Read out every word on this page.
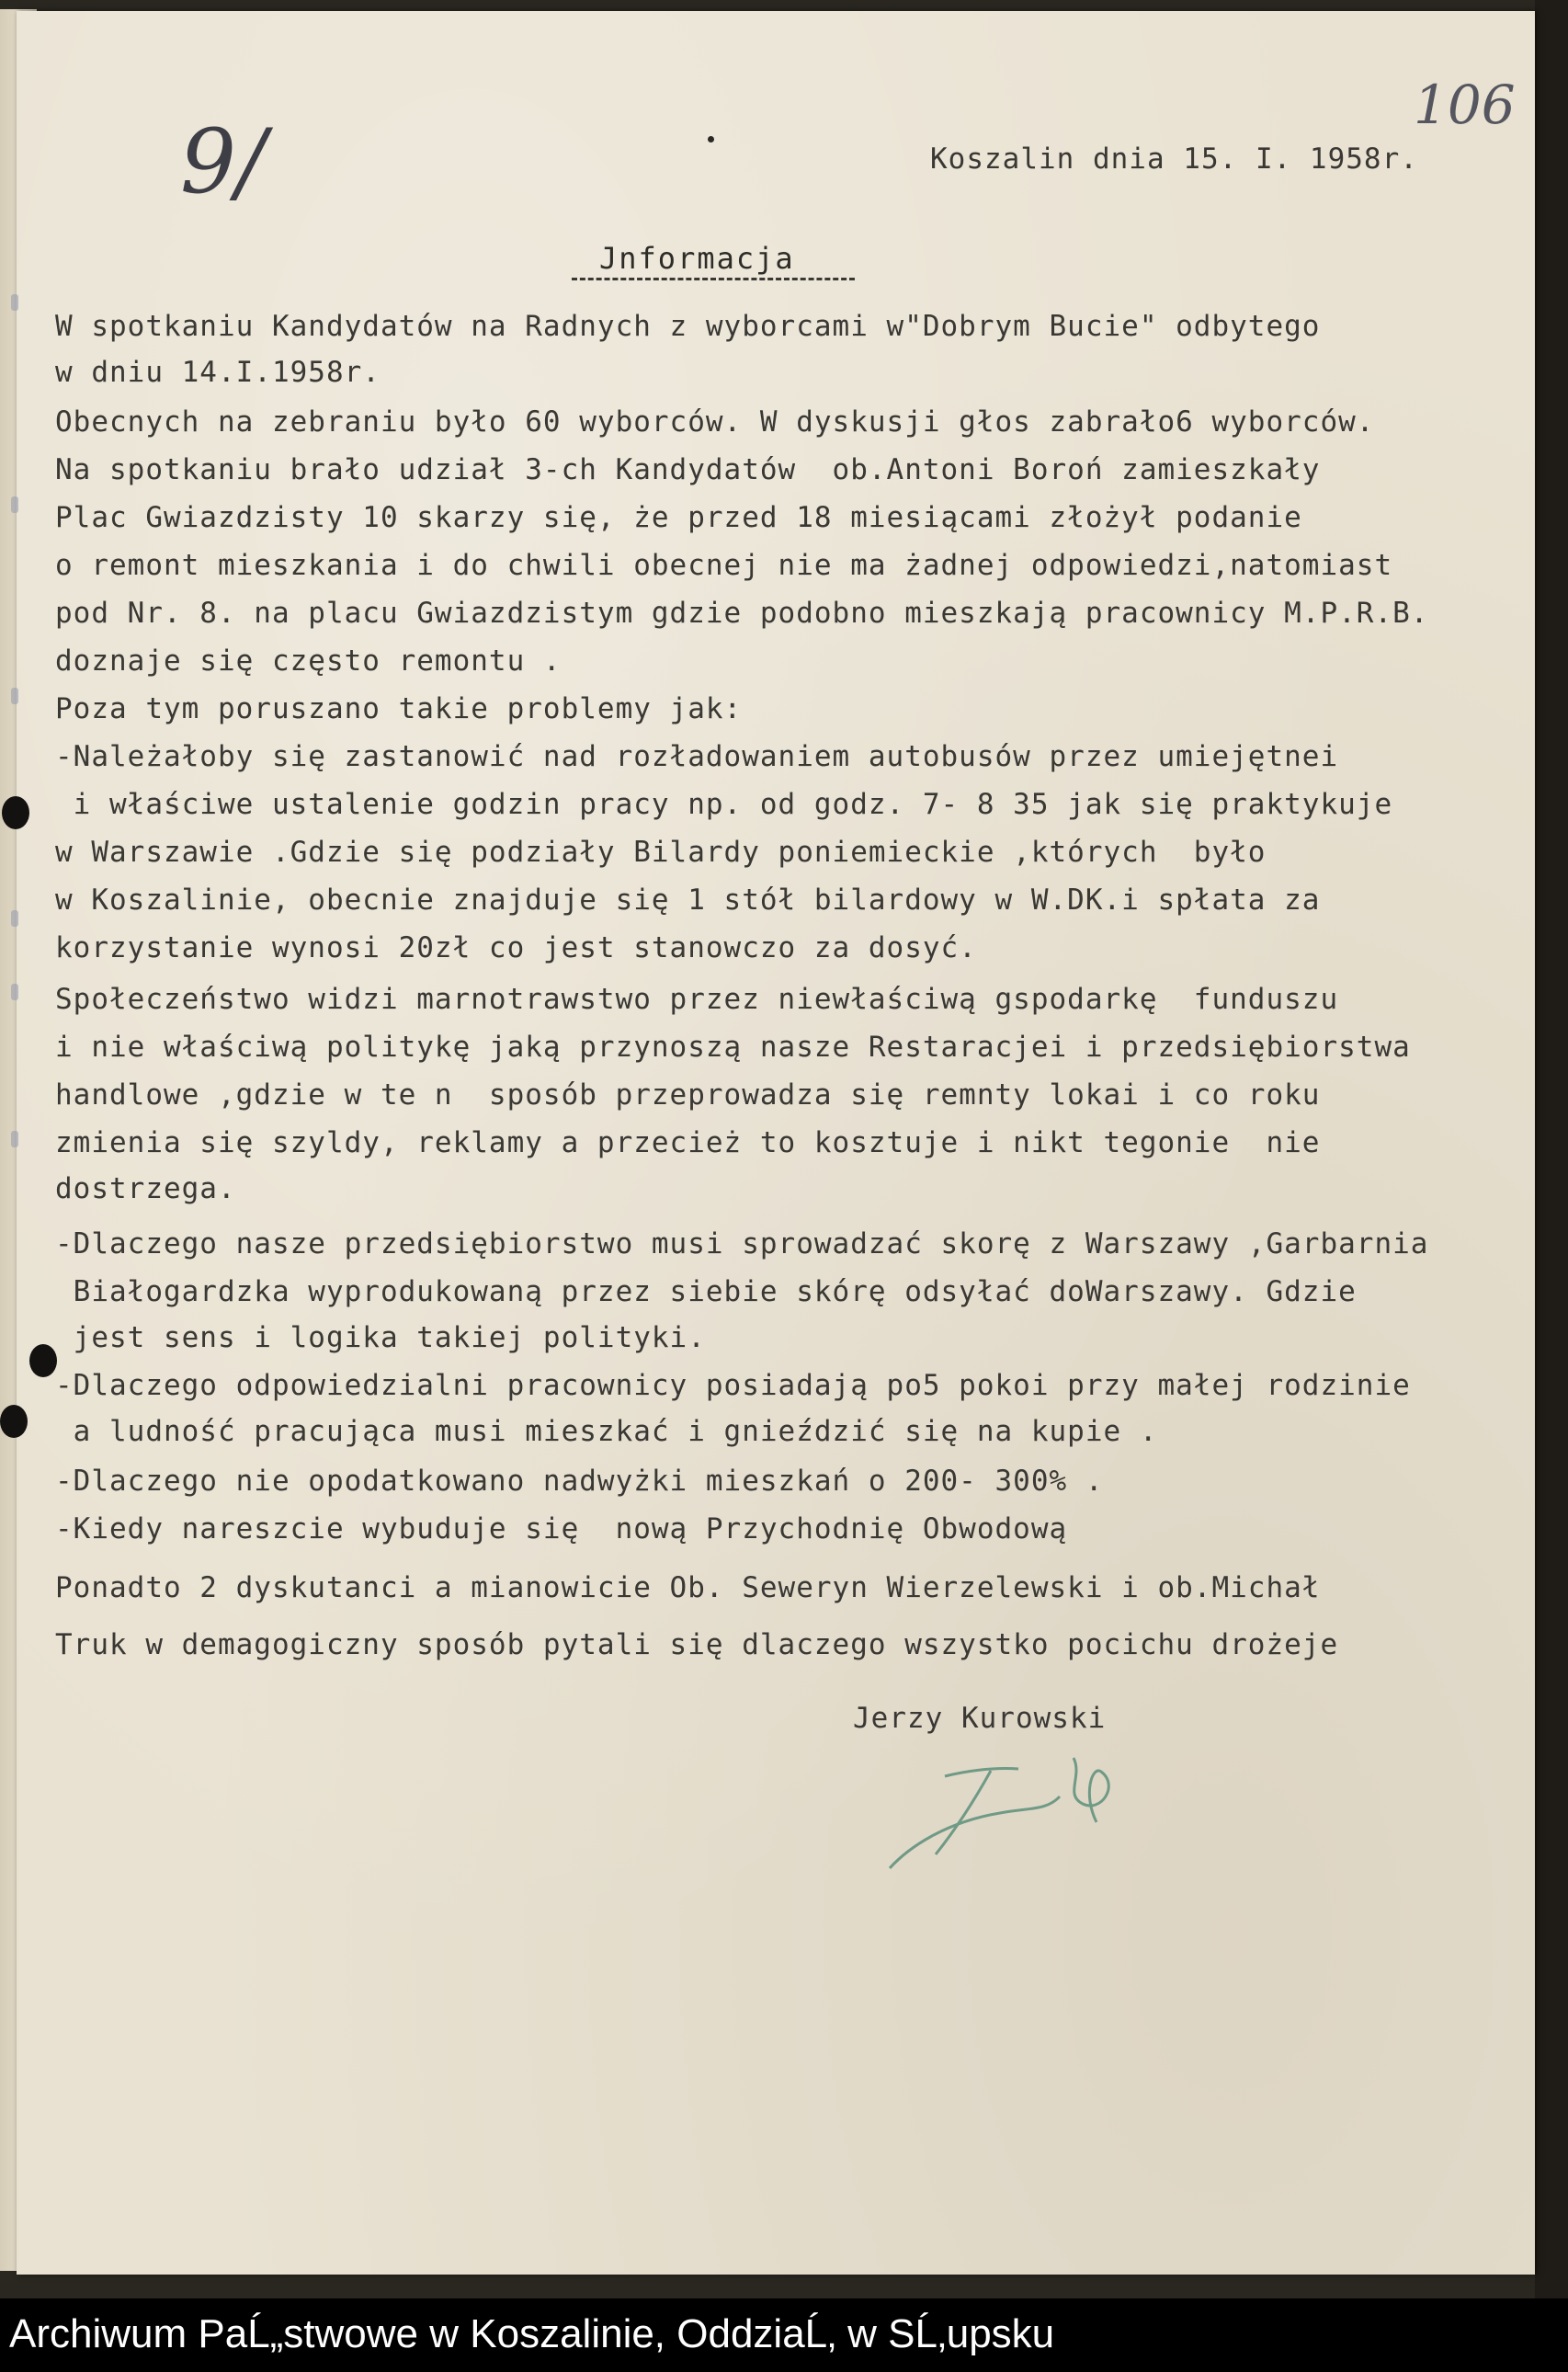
106
9/	Koszalin dnia 15. I. 1958r.
Jnformacja
W spotkaniu Kandydatów na Radnych z wyborcami w"Dobrym Bucie" odbytego
w dniu 14.I.1958r.
Obecnych na zebraniu było 60 wyborców. W dyskusji głos zabrało6 wyborców.
Na spotkaniu brało udział 3-ch Kandydatów  ob.Antoni Boroń zamieszkały
Plac Gwiazdzisty 10 skarzy się, że przed 18 miesiącami złożył podanie
o remont mieszkania i do chwili obecnej nie ma żadnej odpowiedzi,natomiast
pod Nr. 8. na placu Gwiazdzistym gdzie podobno mieszkają pracownicy M.P.R.B.
doznaje się często remontu .
Poza tym poruszano takie problemy jak:
-Należałoby się zastanowić nad rozładowaniem autobusów przez umiejętnei
i właściwe ustalenie godzin pracy np. od godz. 7- 8 35 jak się praktykuje
w Warszawie .Gdzie się podziały Bilardy poniemieckie ,których  było
w Koszalinie, obecnie znajduje się 1 stół bilardowy w W.DK.i spłata za
korzystanie wynosi 20zł co jest stanowczo za dosyć.
Społeczeństwo widzi marnotrawstwo przez niewłaściwą gspodarkę  funduszu
i nie właściwą politykę jaką przynoszą nasze Restaracjei i przedsiębiorstwa
handlowe ,gdzie w te n  sposób przeprowadza się remnty lokai i co roku
zmienia się szyldy, reklamy a przecież to kosztuje i nikt tegonie  nie
dostrzega.
-Dlaczego nasze przedsiębiorstwo musi sprowadzać skorę z Warszawy ,Garbarnia
Białogardzka wyprodukowaną przez siebie skórę odsyłać doWarszawy. Gdzie
jest sens i logika takiej polityki.
-Dlaczego odpowiedzialni pracownicy posiadają po5 pokoi przy małej rodzinie
a ludność pracująca musi mieszkać i gnieździć się na kupie .
-Dlaczego nie opodatkowano nadwyżki mieszkań o 200- 300% .
-Kiedy nareszcie wybuduje się  nową Przychodnię Obwodową
Ponadto 2 dyskutanci a mianowicie Ob. Seweryn Wierzelewski i ob.Michał
Truk w demagogiczny sposób pytali się dlaczego wszystko pocichu drożeje
Jerzy Kurowski
Archiwum PaĹ„stwowe w Koszalinie, OddziaĹ‚ w SĹ‚upsku
